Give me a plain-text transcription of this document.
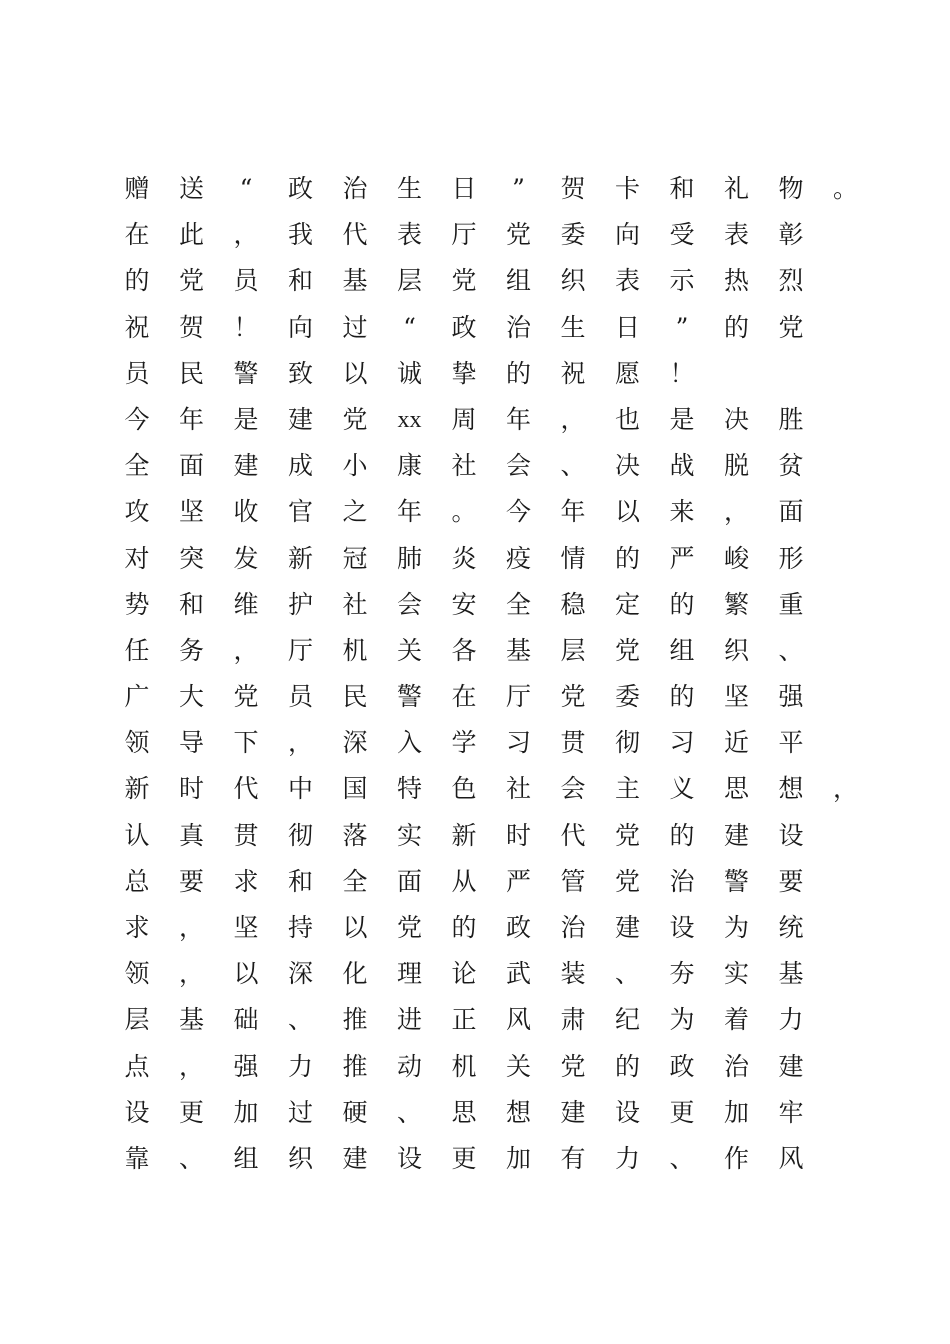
赠	送	“	政	治	生	日	”	贺	卡	和	礼	物	。
在	此	，	我	代	表	厅	党	委	向	受	表	彰
的	党	员	和	基	层	党	组	织	表	示	热	烈
祝	贺	！	向	过	“	政	治	生	日	”	的	党
员	民	警	致	以	诚	挚	的	祝	愿	！
今	年	是	建	党	xx	周	年	，	也	是	决	胜
全	面	建	成	小	康	社	会	、	决	战	脱	贫
攻	坚	收	官	之	年	。	今	年	以	来	，	面
对	突	发	新	冠	肺	炎	疫	情	的	严	峻	形
势	和	维	护	社	会	安	全	稳	定	的	繁	重
任	务	，	厅	机	关	各	基	层	党	组	织	、
广	大	党	员	民	警	在	厅	党	委	的	坚	强
领	导	下	，	深	入	学	习	贯	彻	习	近	平
新	时	代	中	国	特	色	社	会	主	义	思	想	，
认	真	贯	彻	落	实	新	时	代	党	的	建	设
总	要	求	和	全	面	从	严	管	党	治	警	要
求	，	坚	持	以	党	的	政	治	建	设	为	统
领	，	以	深	化	理	论	武	装	、	夯	实	基
层	基	础	、	推	进	正	风	肃	纪	为	着	力
点	，	强	力	推	动	机	关	党	的	政	治	建
设	更	加	过	硬	、	思	想	建	设	更	加	牢
靠	、	组	织	建	设	更	加	有	力	、	作	风
